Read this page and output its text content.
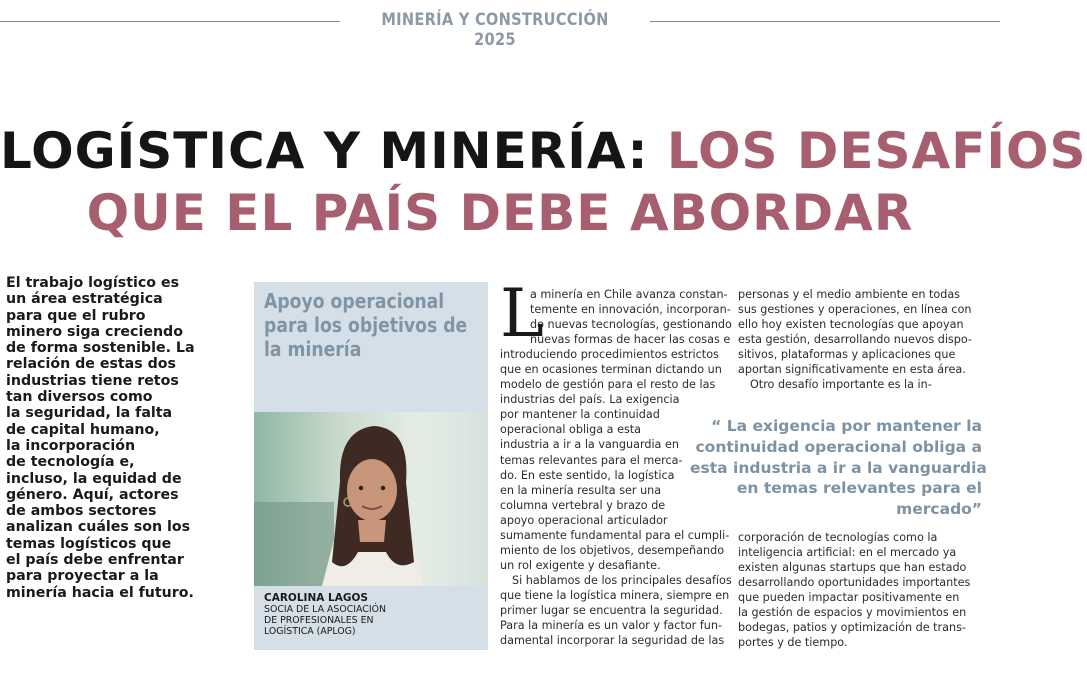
MINERÍA Y CONSTRUCCIÓN 2025
LOGÍSTICA Y MINERÍA: LOS DESAFÍOS
QUE EL PAÍS DEBE ABORDAR
El trabajo logístico es
un área estratégica
para que el rubro
minero siga creciendo
de forma sostenible. La
relación de estas dos
industrias tiene retos
tan diversos como
la seguridad, la falta
de capital humano,
la incorporación
de tecnología e,
incluso, la equidad de
género. Aquí, actores
de ambos sectores
analizan cuáles son los
temas logísticos que
el país debe enfrentar
para proyectar a la
minería hacia el futuro.
Apoyo operacional
para los objetivos de
la minería
CAROLINA LAGOS
SOCIA DE LA ASOCIACIÓN
DE PROFESIONALES EN
LOGÍSTICA (APLOG)
L
a minería en Chile avanza constan-
temente en innovación, incorporan-
do nuevas tecnologías, gestionando
nuevas formas de hacer las cosas e
introduciendo procedimientos estrictos
que en ocasiones terminan dictando un
modelo de gestión para el resto de las
industrias del país. La exigencia
por mantener la continuidad
operacional obliga a esta
industria a ir a la vanguardia en
temas relevantes para el merca-
do. En este sentido, la logística
en la minería resulta ser una
columna vertebral y brazo de
apoyo operacional articulador
sumamente fundamental para el cumpli-
miento de los objetivos, desempeñando
un rol exigente y desafiante.
Si hablamos de los principales desafíos
que tiene la logística minera, siempre en
primer lugar se encuentra la seguridad.
Para la minería es un valor y factor fun-
damental incorporar la seguridad de las
personas y el medio ambiente en todas
sus gestiones y operaciones, en línea con
ello hoy existen tecnologías que apoyan
esta gestión, desarrollando nuevos dispo-
sitivos, plataformas y aplicaciones que
aportan significativamente en esta área.
Otro desafío importante es la in-
“ La exigencia por mantener la
continuidad operacional obliga a
esta industria a ir a la vanguardia
en temas relevantes para el
mercado”
corporación de tecnologías como la
inteligencia artificial: en el mercado ya
existen algunas startups que han estado
desarrollando oportunidades importantes
que pueden impactar positivamente en
la gestión de espacios y movimientos en
bodegas, patios y optimización de trans-
portes y de tiempo.
